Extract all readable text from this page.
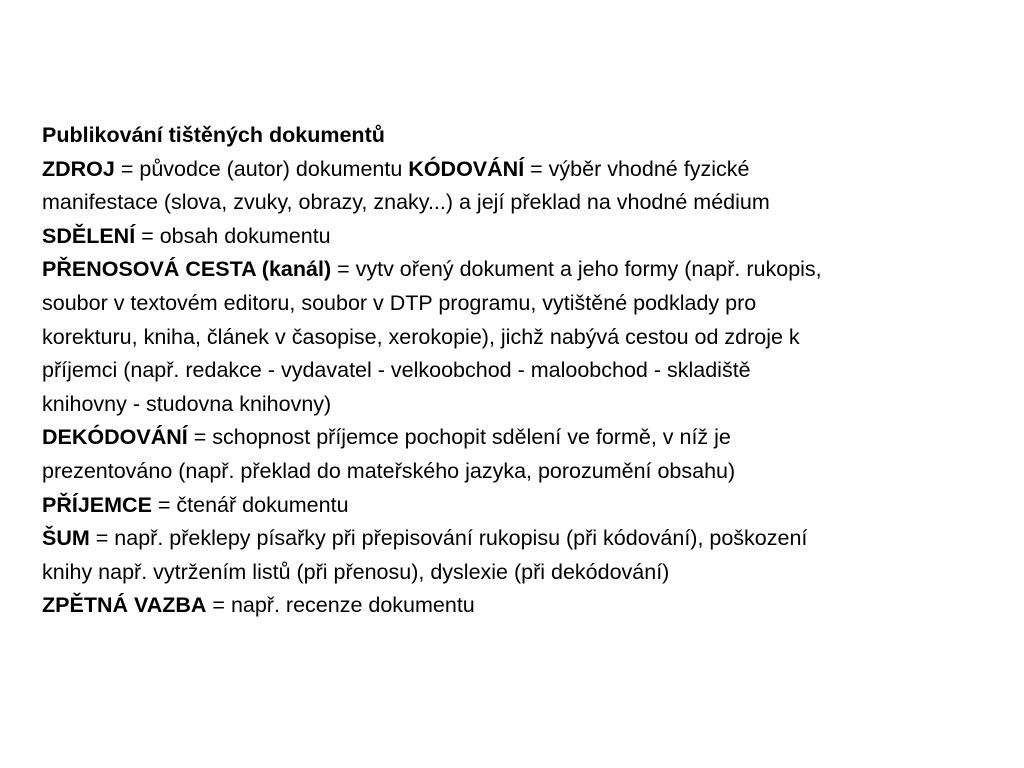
Publikování tištěných dokumentů
ZDROJ = původce (autor) dokumentu KÓDOVÁNÍ = výběr vhodné fyzické
manifestace (slova, zvuky, obrazy, znaky...) a její překlad na vhodné médium
SDĚLENÍ = obsah dokumentu
PŘENOSOVÁ CESTA (kanál) = vytv ořený dokument a jeho formy (např. rukopis,
soubor v textovém editoru, soubor v DTP programu, vytištěné podklady pro
korekturu, kniha, článek v časopise, xerokopie), jichž nabývá cestou od zdroje k
příjemci (např. redakce - vydavatel - velkoobchod - maloobchod - skladiště
knihovny - studovna knihovny)
DEKÓDOVÁNÍ = schopnost příjemce pochopit sdělení ve formě, v níž je
prezentováno (např. překlad do mateřského jazyka, porozumění obsahu)
PŘÍJEMCE = čtenář dokumentu
ŠUM = např. překlepy písařky při přepisování rukopisu (při kódování), poškození
knihy např. vytržením listů (při přenosu), dyslexie (při dekódování)
ZPĚTNÁ VAZBA = např. recenze dokumentu
